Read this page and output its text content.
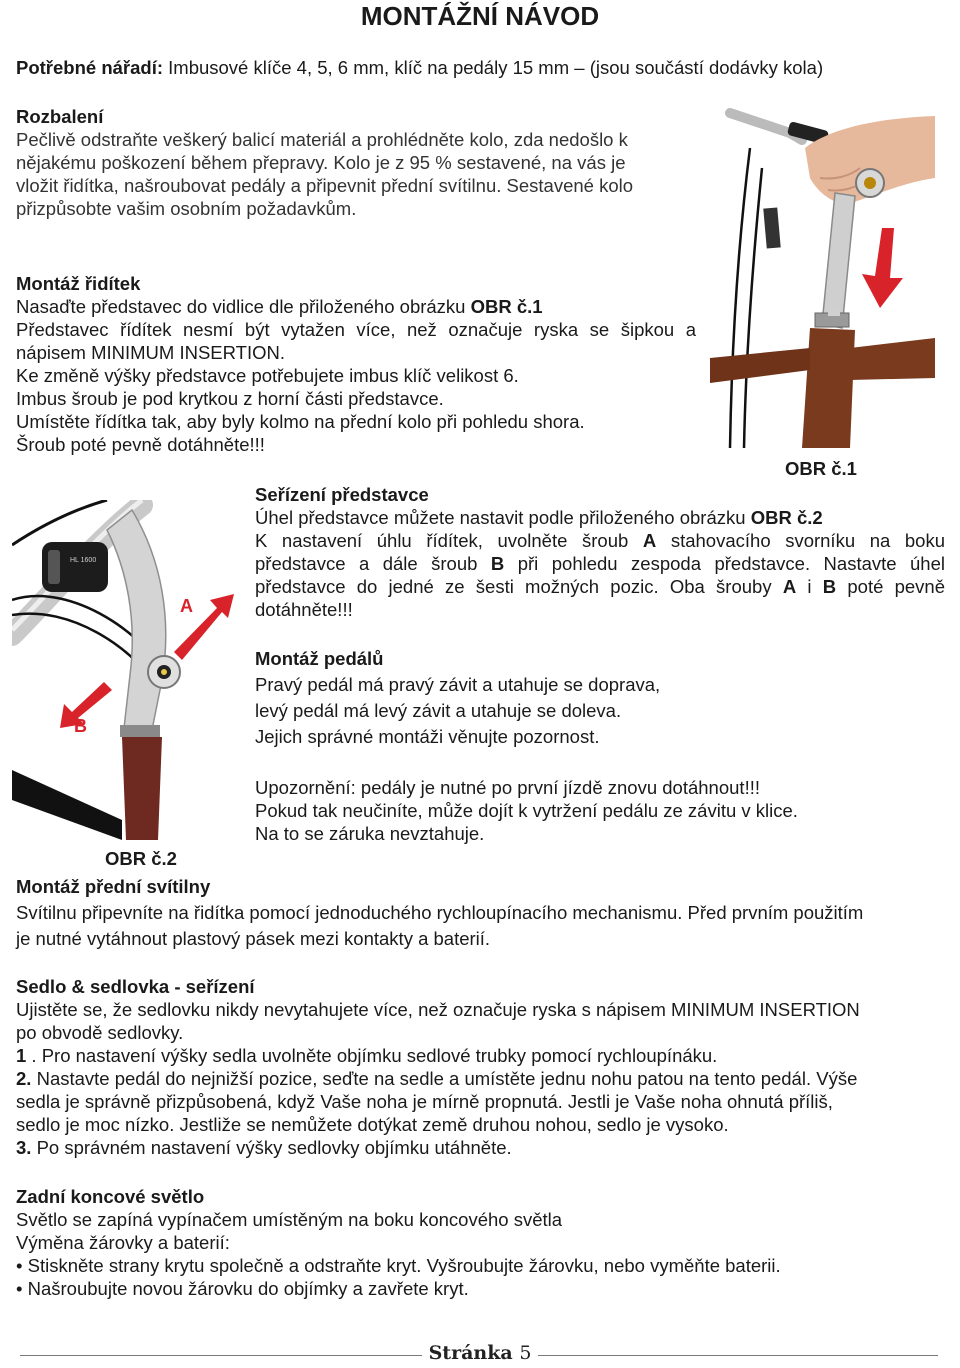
MONTÁŽNÍ NÁVOD
Potřebné nářadí: Imbusové klíče 4, 5, 6 mm, klíč na pedály 15 mm – (jsou součástí dodávky kola)

Rozbalení

Pečlivě odstraňte veškerý balicí materiál a prohlédněte kolo, zda nedošlo k

nějakému poškození během přepravy. Kolo je z 95 % sestavené, na vás je

vložit řidítka, našroubovat pedály a připevnit přední svítilnu. Sestavené kolo

přizpůsobte vašim osobním požadavkům.

Montáž řidítek

Nasaďte představec do vidlice dle přiloženého obrázku OBR č.1

Představec řídítek nesmí být vytažen více, než označuje ryska se šipkou a

nápisem MINIMUM INSERTION.

Ke změně výšky představce potřebujete imbus klíč velikost 6.

Imbus šroub je pod krytkou z horní části představce.

Umístěte řídítka tak, aby byly kolmo na přední kolo při pohledu shora.

Šroub poté pevně dotáhněte!!!

OBR č.1

Seřízení představce

Úhel představce můžete nastavit podle přiloženého obrázku OBR č.2

K nastavení úhlu řídítek, uvolněte šroub A stahovacího svorníku na boku představce a dále šroub B při pohledu zespoda představce. Nastavte úhel představce do jedné ze šesti možných pozic. Oba šrouby A i B poté pevně dotáhněte!!!

HL 1600
A
B
OBR č.2

Montáž pedálů

Pravý pedál má pravý závit a utahuje se doprava,

levý pedál má levý závit a utahuje se doleva.

Jejich správné montáži věnujte pozornost.

Upozornění: pedály je nutné po první jízdě znovu dotáhnout!!!

Pokud tak neučiníte, může dojít k vytržení pedálu ze závitu v klice.

Na to se záruka nevztahuje.

Montáž přední svítilny

Svítilnu připevníte na řidítka pomocí jednoduchého rychloupínacího mechanismu. Před prvním použitím

je nutné vytáhnout plastový pásek mezi kontakty a baterií.

Sedlo & sedlovka - seřízení

Ujistěte se, že sedlovku nikdy nevytahujete více, než označuje ryska s nápisem MINIMUM INSERTION

po obvodě sedlovky.

1 . Pro nastavení výšky sedla uvolněte objímku sedlové trubky pomocí rychloupínáku.

2. Nastavte pedál do nejnižší pozice, seďte na sedle a umístěte jednu nohu patou na tento pedál. Výše

sedla je správně přizpůsobená, když Vaše noha je mírně propnutá. Jestli je Vaše noha ohnutá příliš,

sedlo je moc nízko. Jestliže se nemůžete dotýkat země druhou nohou, sedlo je vysoko.

3. Po správném nastavení výšky sedlovky objímku utáhněte.

Zadní koncové světlo

Světlo se zapíná vypínačem umístěným na boku koncového světla

Výměna žárovky a baterií:

• Stiskněte strany krytu společně a odstraňte kryt. Vyšroubujte žárovku, nebo vyměňte baterii.

• Našroubujte novou žárovku do objímky a zavřete kryt.

Stránka 5
